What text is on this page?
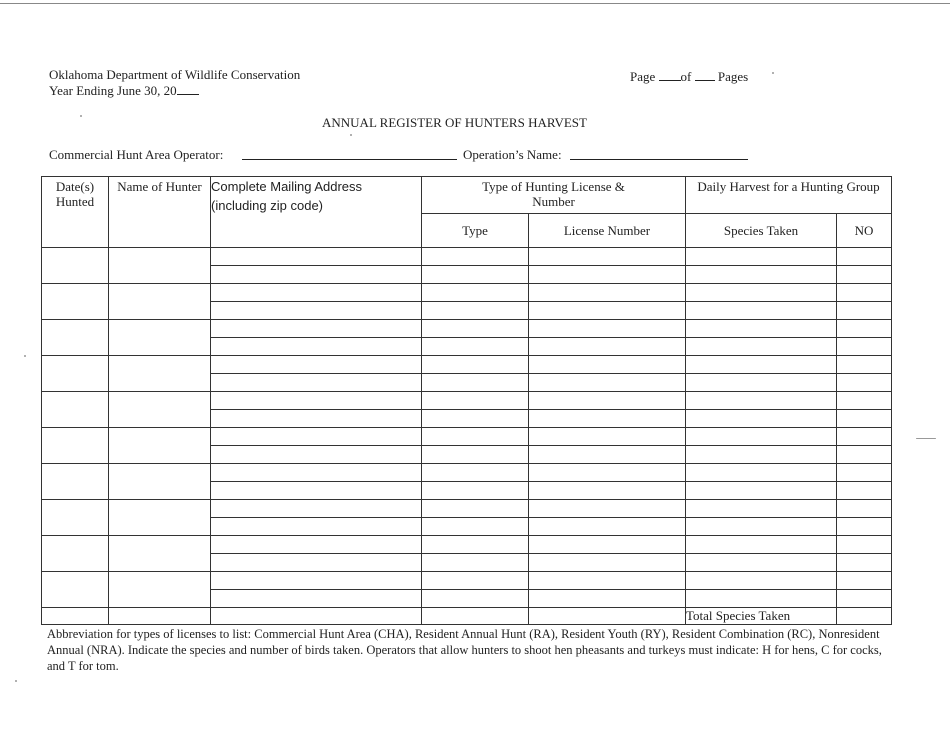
Oklahoma Department of Wildlife Conservation
Year Ending June 30, 20
Page of Pages
ANNUAL REGISTER OF HUNTERS HARVEST
Commercial Hunt Area Operator:	Operation’s Name:
Date(s) Hunted	Name of Hunter	Complete Mailing Address (including zip code)	Type of Hunting License & Number		Daily Harvest for a Hunting Group	
			Type	License Number	Species Taken	NO

					Total Species Taken	
Abbreviation for types of licenses to list: Commercial Hunt Area (CHA), Resident Annual Hunt (RA), Resident Youth (RY), Resident Combination (RC), Nonresident Annual (NRA). Indicate the species and number of birds taken. Operators that allow hunters to shoot hen pheasants and turkeys must indicate: H for hens, C for cocks, and T for tom.
